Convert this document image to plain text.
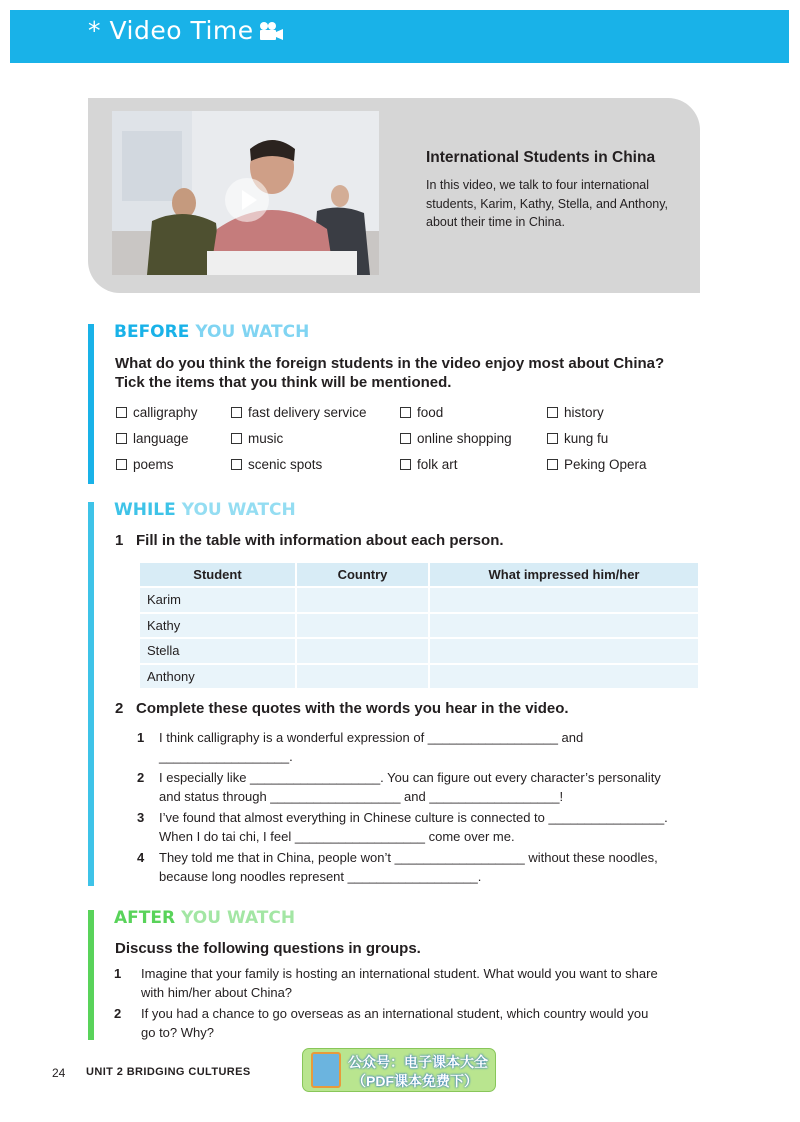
* Video Time
International Students in China
In this video, we talk to four international students, Karim, Kathy, Stella, and Anthony, about their time in China.
BEFORE YOU WATCH
What do you think the foreign students in the video enjoy most about China?
Tick the items that you think will be mentioned.
calligraphy	fast delivery service	food	history
language	music	online shopping	kung fu
poems	scenic spots	folk art	Peking Opera
WHILE YOU WATCH
1 Fill in the table with information about each person.
Student	Country	What impressed him/her
Karim		
Kathy		
Stella		
Anthony		
2 Complete these quotes with the words you hear in the video.
1 I think calligraphy is a wonderful expression of __________________ and
__________________.
2 I especially like __________________. You can figure out every character’s personality
and status through __________________ and __________________!
3 I’ve found that almost everything in Chinese culture is connected to ________________.
When I do tai chi, I feel __________________ come over me.
4 They told me that in China, people won’t __________________ without these noodles,
because long noodles represent __________________.
AFTER YOU WATCH
Discuss the following questions in groups.
1 Imagine that your family is hosting an international student. What would you want to share
with him/her about China?
2 If you had a chance to go overseas as an international student, which country would you
go to? Why?
24 UNIT 2 BRIDGING CULTURES
公众号：电子课本大全
（PDF课本免费下）
